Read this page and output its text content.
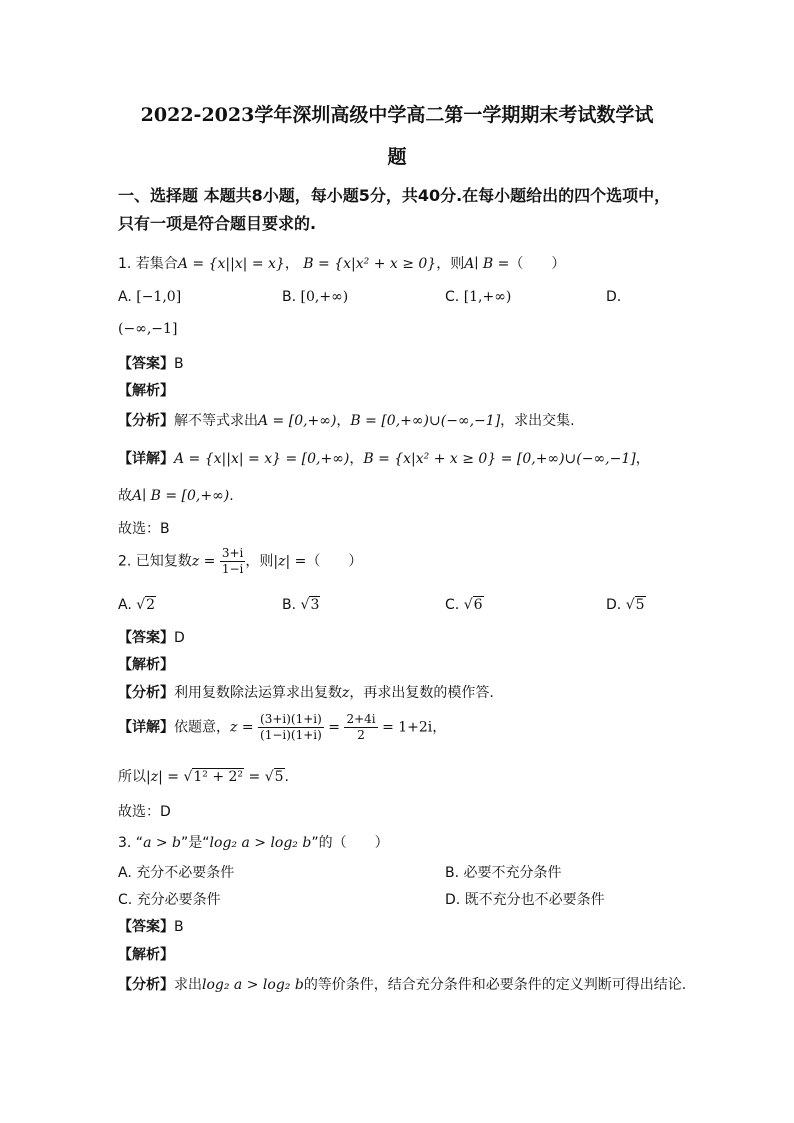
2022-2023学年深圳高级中学高二第一学期期末考试数学试
题
一、选择题 本题共8小题，每小题5分，共40分.在每小题给出的四个选项中，
只有一项是符合题目要求的.
1. 若集合A = {x||x| = x}， B = {x|x² + x ≥ 0}，则A∣ B =（　　）
A. [−1,0]	B. [0,+∞)	C. [1,+∞)	D.
(−∞,−1]
【答案】B
【解析】
【分析】解不等式求出A = [0,+∞)，B = [0,+∞)∪(−∞,−1]，求出交集.
【详解】A = {x||x| = x} = [0,+∞)，B = {x|x² + x ≥ 0} = [0,+∞)∪(−∞,−1]，
故A∣ B = [0,+∞).
故选：B
2. 已知复数$z = \frac{3+i}{1-i}$ ，则|z| =（　　）
A. √2	B. √3	C. √6	D. √5
【答案】D
【解析】
【分析】利用复数除法运算求出复数z，再求出复数的模作答.
【详解】依题意，$z = \frac{(3+i)(1+i)}{(1-i)(1+i)} = \frac{2+4i}{2} = 1+2i$，
所以|z| = √1² + 2² = √5.
故选：D
3. “a > b”是“log₂ a > log₂ b”的（　　）
A. 充分不必要条件	B. 必要不充分条件
C. 充分必要条件	D. 既不充分也不必要条件
【答案】B
【解析】
【分析】求出log₂ a > log₂ b的等价条件，结合充分条件和必要条件的定义判断可得出结论.
